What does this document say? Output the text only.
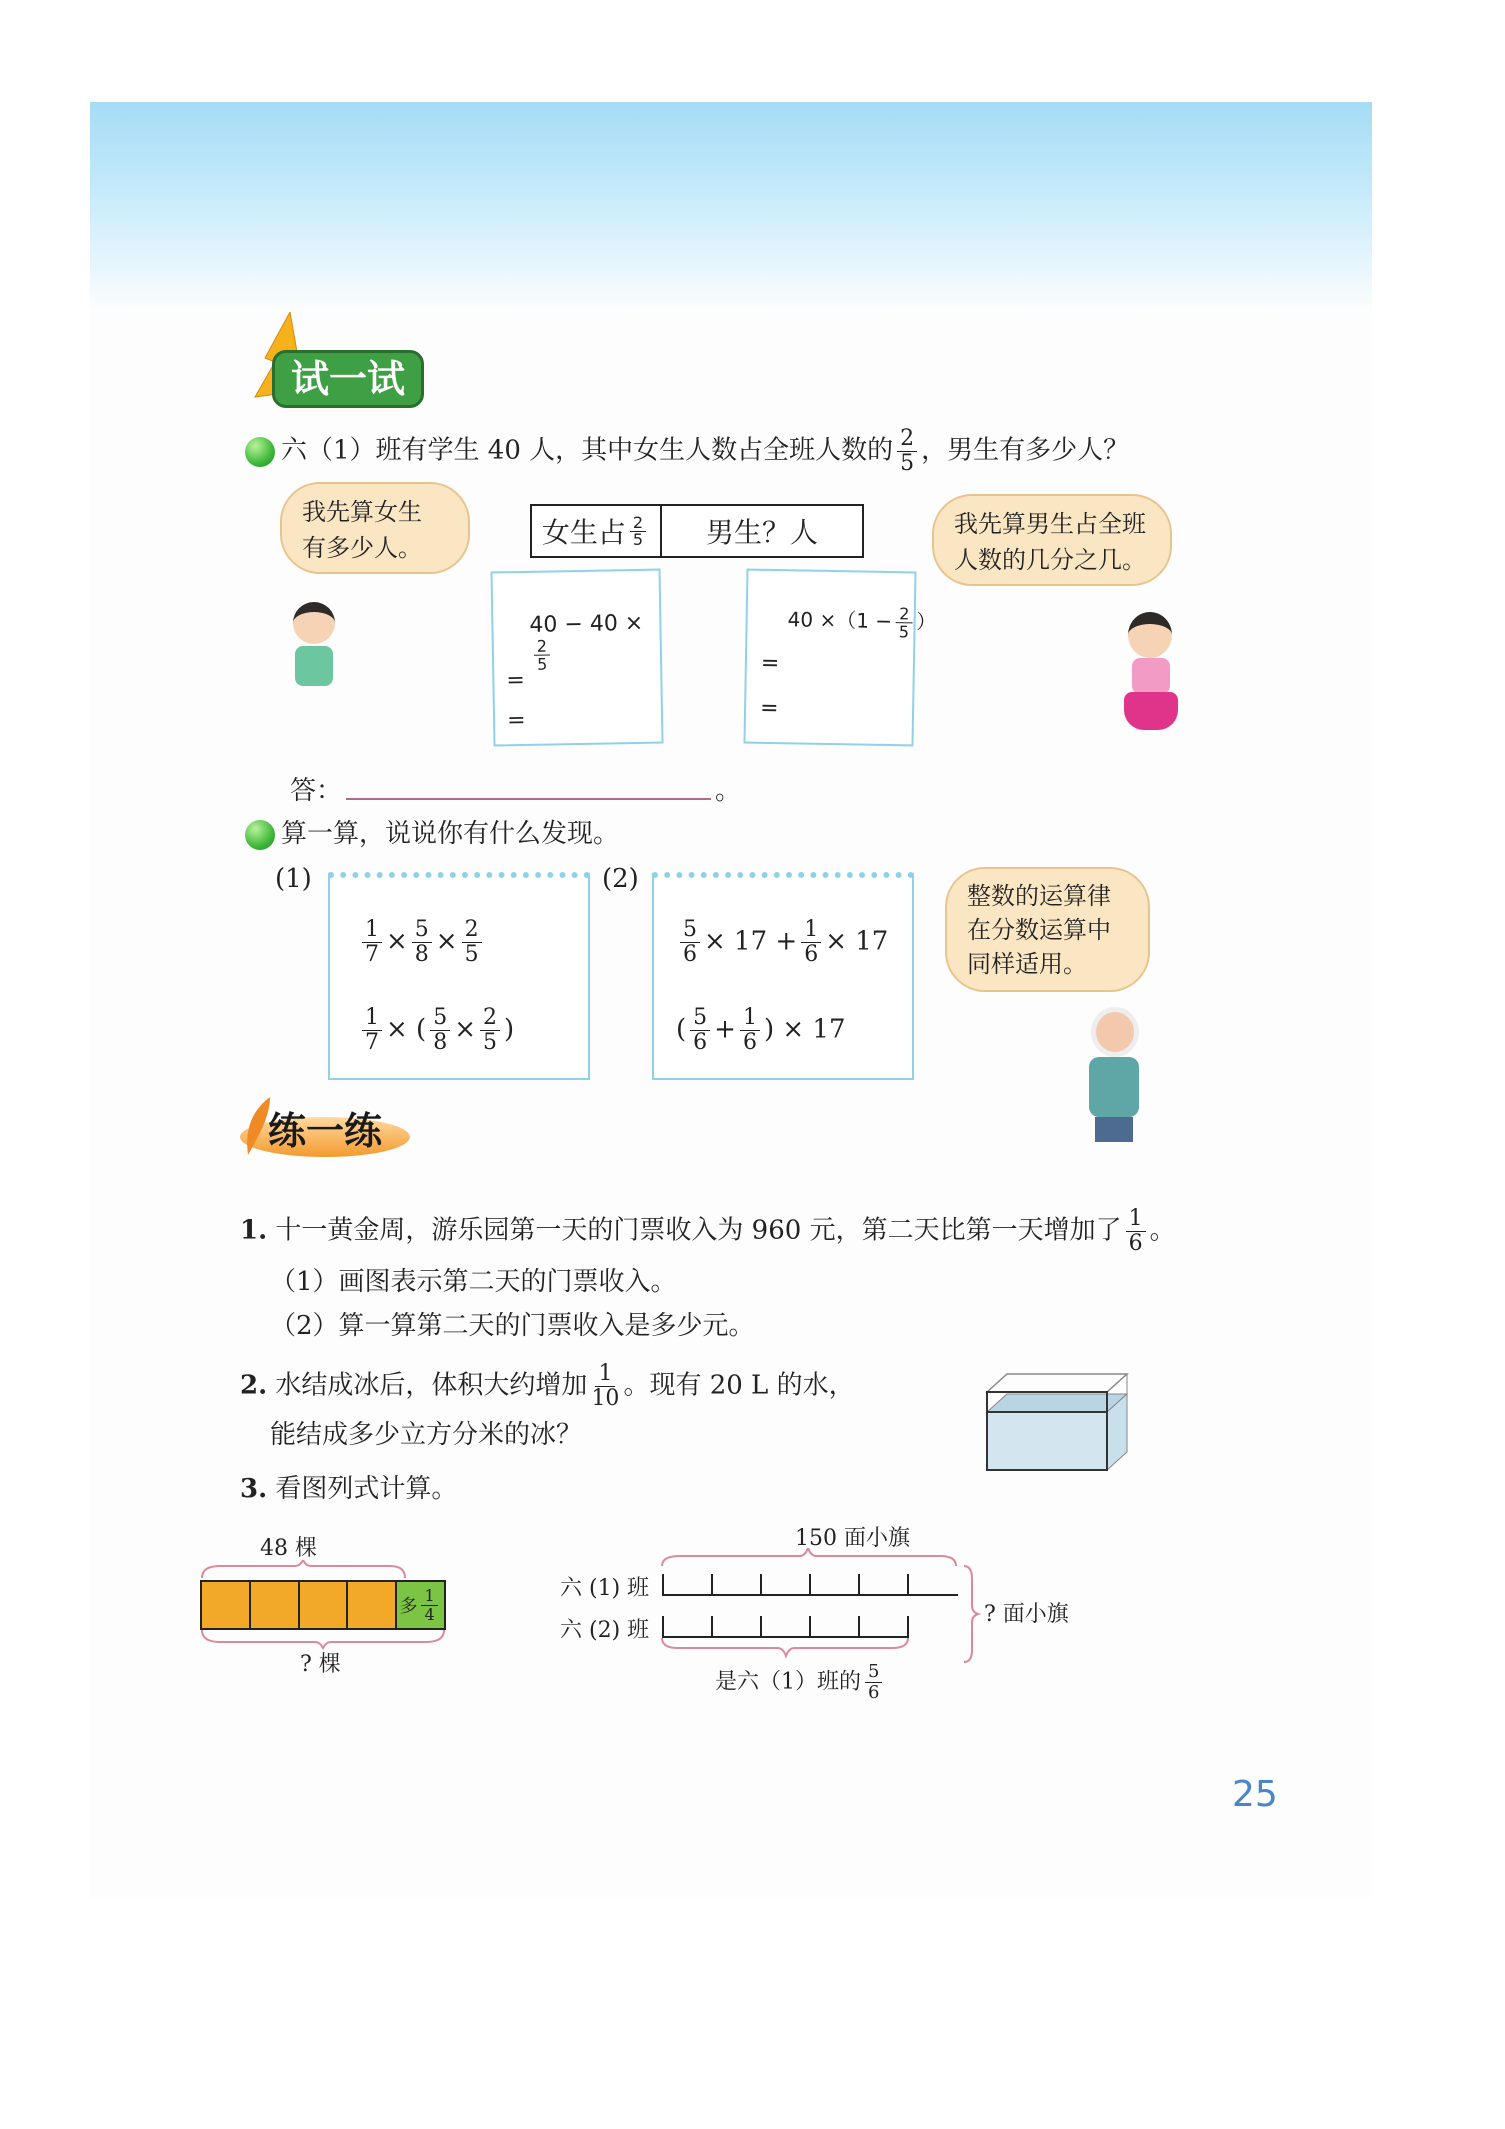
试一试
六（1）班有学生 40 人，其中女生人数占全班人数的 $\frac{2}{5}$ ，男生有多少人？
我先算女生
有多少人。
我先算男生占全班
人数的几分之几。
女生占 $\frac{2}{5}$	男生？人
40 − 40 ×
$\frac{2}{5}$
=
=
$40 \times(1 - \frac{2}{5}$ ）
=
=
答：	。
算一算，说说你有什么发现。
(1)
$\frac{1}{7} \times \frac{5}{8} \times \frac{2}{5}$
$\frac{1}{7}$ × ( $\frac{5}{8} \times \frac{2}{5}$ )
(2)
$\frac{5}{6} \times 17 + \frac{1}{6} \times 17$
( $\frac{5}{6} + \frac{1}{6}$ ) × 17
整数的运算律
在分数运算中
同样适用。
练一练
1. 十一黄金周，游乐园第一天的门票收入为 960 元，第二天比第一天增加了 $\frac{1}{6}$ 。
（1）画图表示第二天的门票收入。
（2）算一算第二天的门票收入是多少元。
2. 水结成冰后，体积大约增加 $\frac{1}{10}$ 。现有 20 L 的水，
能结成多少立方分米的冰？
3. 看图列式计算。
48 棵
多 $\frac{1}{4}$
? 棵
150 面小旗
六 (1) 班
六 (2) 班
? 面小旗
是六（1）班的 $\frac{5}{6}$
25
